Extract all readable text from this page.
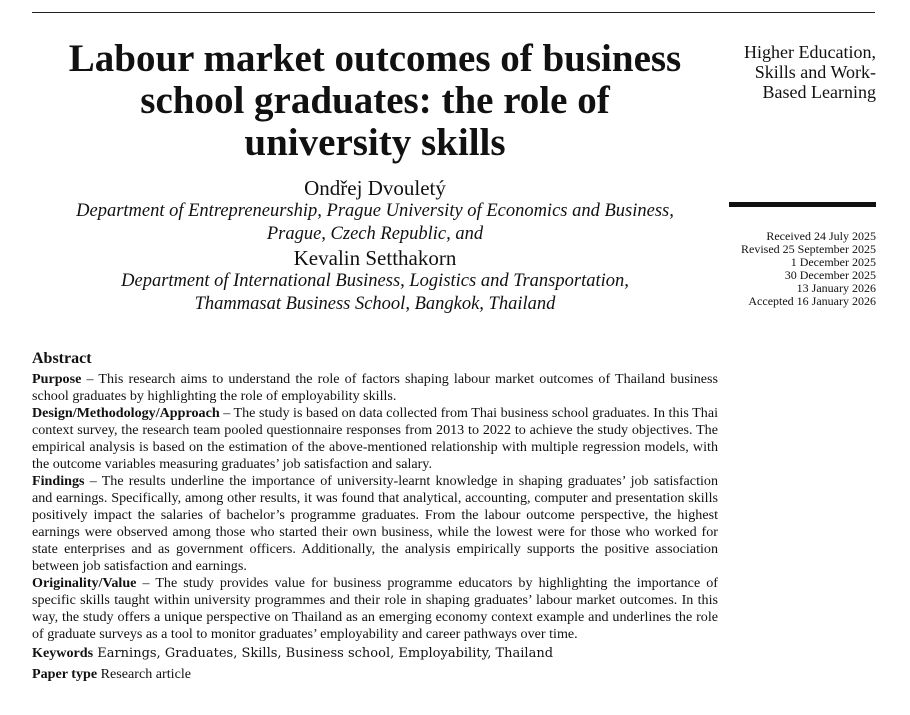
Labour market outcomes of business
school graduates: the role of
university skills
Higher Education,
Skills and Work-
Based Learning
Received 24 July 2025
Revised 25 September 2025
1 December 2025
30 December 2025
13 January 2026
Accepted 16 January 2026
Ondřej Dvouletý
Department of Entrepreneurship, Prague University of Economics and Business,
Prague, Czech Republic, and
Kevalin Setthakorn
Department of International Business, Logistics and Transportation,
Thammasat Business School, Bangkok, Thailand
Abstract

Purpose – This research aims to understand the role of factors shaping labour market outcomes of Thailand business school graduates by highlighting the role of employability skills.

Design/Methodology/Approach – The study is based on data collected from Thai business school graduates. In this Thai context survey, the research team pooled questionnaire responses from 2013 to 2022 to achieve the study objectives. The empirical analysis is based on the estimation of the above-mentioned relationship with multiple regression models, with the outcome variables measuring graduates’ job satisfaction and salary.

Findings – The results underline the importance of university-learnt knowledge in shaping graduates’ job satisfaction and earnings. Specifically, among other results, it was found that analytical, accounting, computer and presentation skills positively impact the salaries of bachelor’s programme graduates. From the labour outcome perspective, the highest earnings were observed among those who started their own business, while the lowest were for those who worked for state enterprises and as government officers. Additionally, the analysis empirically supports the positive association between job satisfaction and earnings.

Originality/Value – The study provides value for business programme educators by highlighting the importance of specific skills taught within university programmes and their role in shaping graduates’ labour market outcomes. In this way, the study offers a unique perspective on Thailand as an emerging economy context example and underlines the role of graduate surveys as a tool to monitor graduates’ employability and career pathways over time.

Keywords Earnings, Graduates, Skills, Business school, Employability, Thailand
Paper type Research article
